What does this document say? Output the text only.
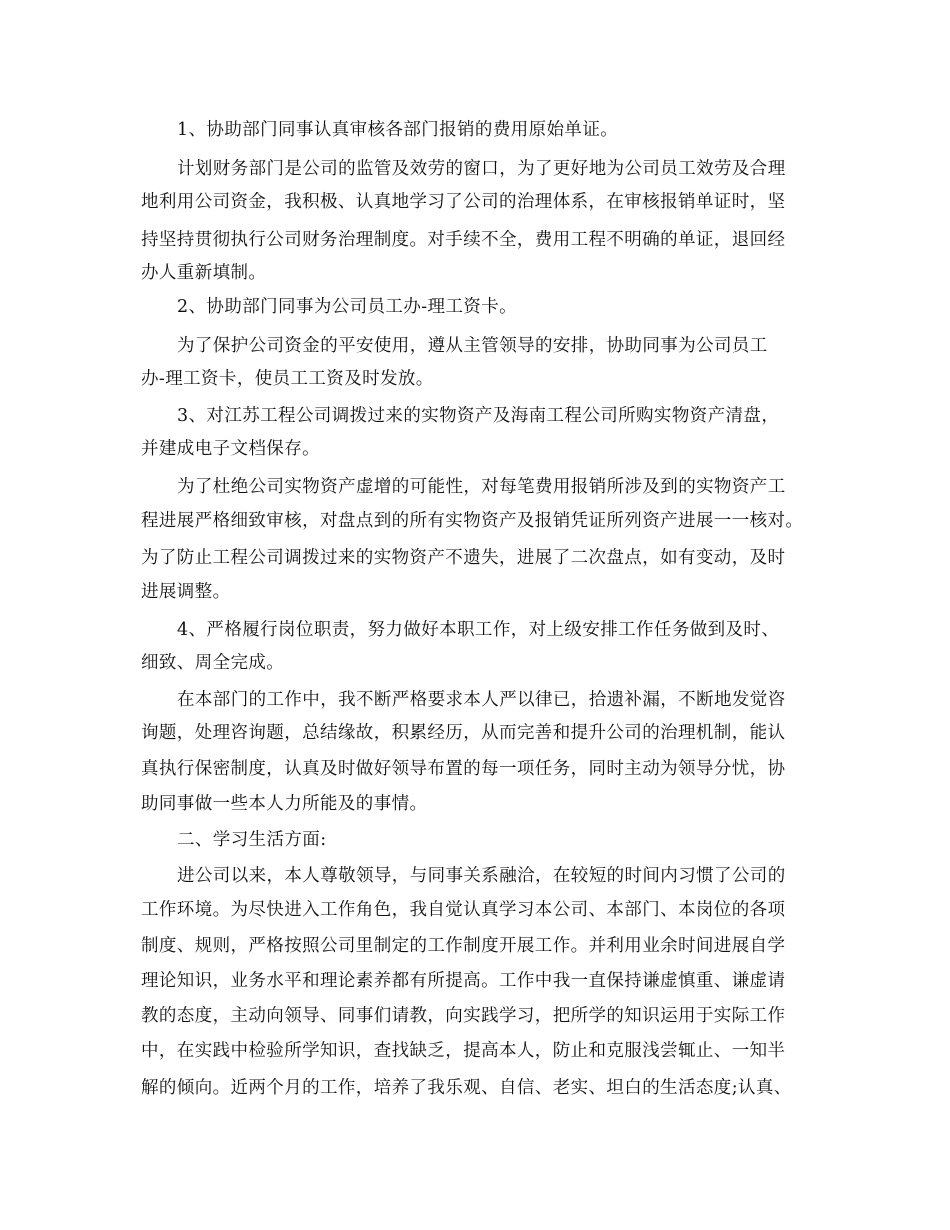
1、协助部门同事认真审核各部门报销的费用原始单证。
计划财务部门是公司的监管及效劳的窗口，为了更好地为公司员工效劳及合理
地利用公司资金，我积极、认真地学习了公司的治理体系，在审核报销单证时，坚
持坚持贯彻执行公司财务治理制度。对手续不全，费用工程不明确的单证，退回经
办人重新填制。
2、协助部门同事为公司员工办-理工资卡。
为了保护公司资金的平安使用，遵从主管领导的安排，协助同事为公司员工
办-理工资卡，使员工工资及时发放。
3、对江苏工程公司调拨过来的实物资产及海南工程公司所购实物资产清盘，
并建成电子文档保存。
为了杜绝公司实物资产虚增的可能性，对每笔费用报销所涉及到的实物资产工
程进展严格细致审核，对盘点到的所有实物资产及报销凭证所列资产进展一一核对。
为了防止工程公司调拨过来的实物资产不遗失，进展了二次盘点，如有变动，及时
进展调整。
4、严格履行岗位职责，努力做好本职工作，对上级安排工作任务做到及时、
细致、周全完成。
在本部门的工作中，我不断严格要求本人严以律已，拾遗补漏，不断地发觉咨
询题，处理咨询题，总结缘故，积累经历，从而完善和提升公司的治理机制，能认
真执行保密制度，认真及时做好领导布置的每一项任务，同时主动为领导分忧，协
助同事做一些本人力所能及的事情。
二、学习生活方面:
进公司以来，本人尊敬领导，与同事关系融洽，在较短的时间内习惯了公司的
工作环境。为尽快进入工作角色，我自觉认真学习本公司、本部门、本岗位的各项
制度、规则，严格按照公司里制定的工作制度开展工作。并利用业余时间进展自学
理论知识，业务水平和理论素养都有所提高。工作中我一直保持谦虚慎重、谦虚请
教的态度，主动向领导、同事们请教，向实践学习，把所学的知识运用于实际工作
中，在实践中检验所学知识，查找缺乏，提高本人，防止和克服浅尝辄止、一知半
解的倾向。近两个月的工作，培养了我乐观、自信、老实、坦白的生活态度;认真、
